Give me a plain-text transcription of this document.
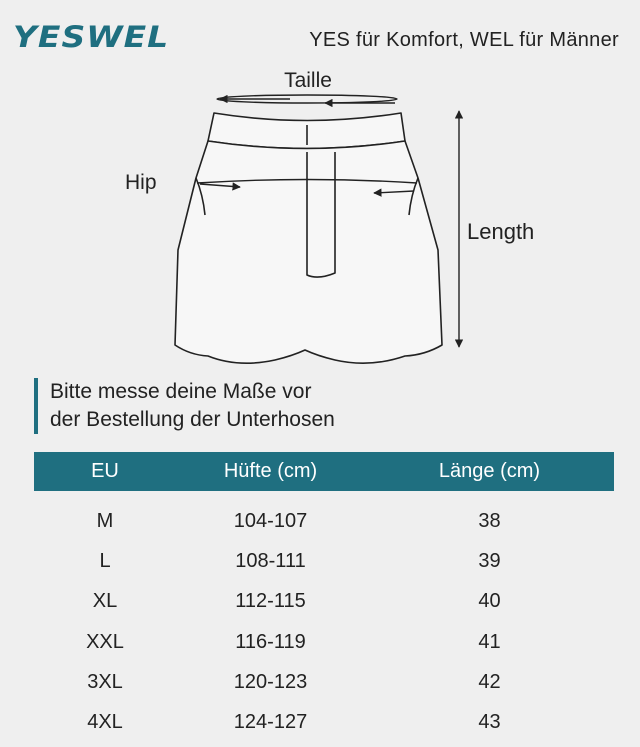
YESWEL	YES für Komfort, WEL für Männer
Taille
Hip
Length
Bitte messe deine Maße vor
der Bestellung der Unterhosen
EU	Hüfte (cm)	Länge (cm)
M	104-107	38
L	108-111	39
XL	112-115	40
XXL	116-119	41
3XL	120-123	42
4XL	124-127	43
